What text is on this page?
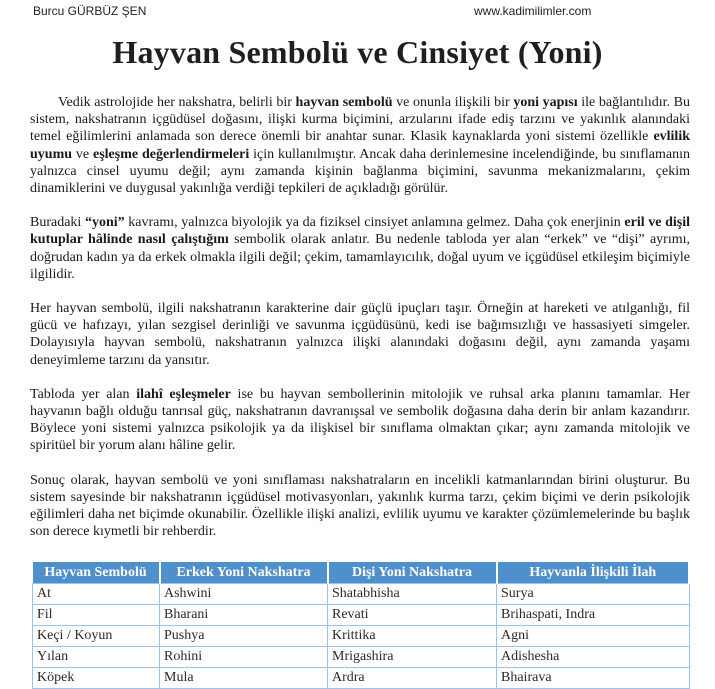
Burcu GÜRBÜZ ŞEN	www.kadimilimler.com
Hayvan Sembolü ve Cinsiyet (Yoni)

Vedik astrolojide her nakshatra, belirli bir hayvan sembolü ve onunla ilişkili bir yoni yapısı ile bağlantılıdır. Bu sistem, nakshatranın içgüdüsel doğasını, ilişki kurma biçimini, arzularını ifade ediş tarzını ve yakınlık alanındaki temel eğilimlerini anlamada son derece önemli bir anahtar sunar. Klasik kaynaklarda yoni sistemi özellikle evlilik uyumu ve eşleşme değerlendirmeleri için kullanılmıştır. Ancak daha derinlemesine incelendiğinde, bu sınıflamanın yalnızca cinsel uyumu değil; aynı zamanda kişinin bağlanma biçimini, savunma mekanizmalarını, çekim dinamiklerini ve duygusal yakınlığa verdiği tepkileri de açıkladığı görülür.

Buradaki “yoni” kavramı, yalnızca biyolojik ya da fiziksel cinsiyet anlamına gelmez. Daha çok enerjinin eril ve dişil kutuplar hâlinde nasıl çalıştığını sembolik olarak anlatır. Bu nedenle tabloda yer alan “erkek” ve “dişi” ayrımı, doğrudan kadın ya da erkek olmakla ilgili değil; çekim, tamamlayıcılık, doğal uyum ve içgüdüsel etkileşim biçimiyle ilgilidir.

Her hayvan sembolü, ilgili nakshatranın karakterine dair güçlü ipuçları taşır. Örneğin at hareketi ve atılganlığı, fil gücü ve hafızayı, yılan sezgisel derinliği ve savunma içgüdüsünü, kedi ise bağımsızlığı ve hassasiyeti simgeler. Dolayısıyla hayvan sembolü, nakshatranın yalnızca ilişki alanındaki doğasını değil, aynı zamanda yaşamı deneyimleme tarzını da yansıtır.

Tabloda yer alan ilahî eşleşmeler ise bu hayvan sembollerinin mitolojik ve ruhsal arka planını tamamlar. Her hayvanın bağlı olduğu tanrısal güç, nakshatranın davranışsal ve sembolik doğasına daha derin bir anlam kazandırır. Böylece yoni sistemi yalnızca psikolojik ya da ilişkisel bir sınıflama olmaktan çıkar; aynı zamanda mitolojik ve spiritüel bir yorum alanı hâline gelir.

Sonuç olarak, hayvan sembolü ve yoni sınıflaması nakshatraların en incelikli katmanlarından birini oluşturur. Bu sistem sayesinde bir nakshatranın içgüdüsel motivasyonları, yakınlık kurma tarzı, çekim biçimi ve derin psikolojik eğilimleri daha net biçimde okunabilir. Özellikle ilişki analizi, evlilik uyumu ve karakter çözümlemelerinde bu başlık son derece kıymetli bir rehberdir.

Hayvan Sembolü	Erkek Yoni Nakshatra	Dişi Yoni Nakshatra	Hayvanla İlişkili İlah
At	Ashwini	Shatabhisha	Surya
Fil	Bharani	Revati	Brihaspati, Indra
Keçi / Koyun	Pushya	Krittika	Agni
Yılan	Rohini	Mrigashira	Adishesha
Köpek	Mula	Ardra	Bhairava
